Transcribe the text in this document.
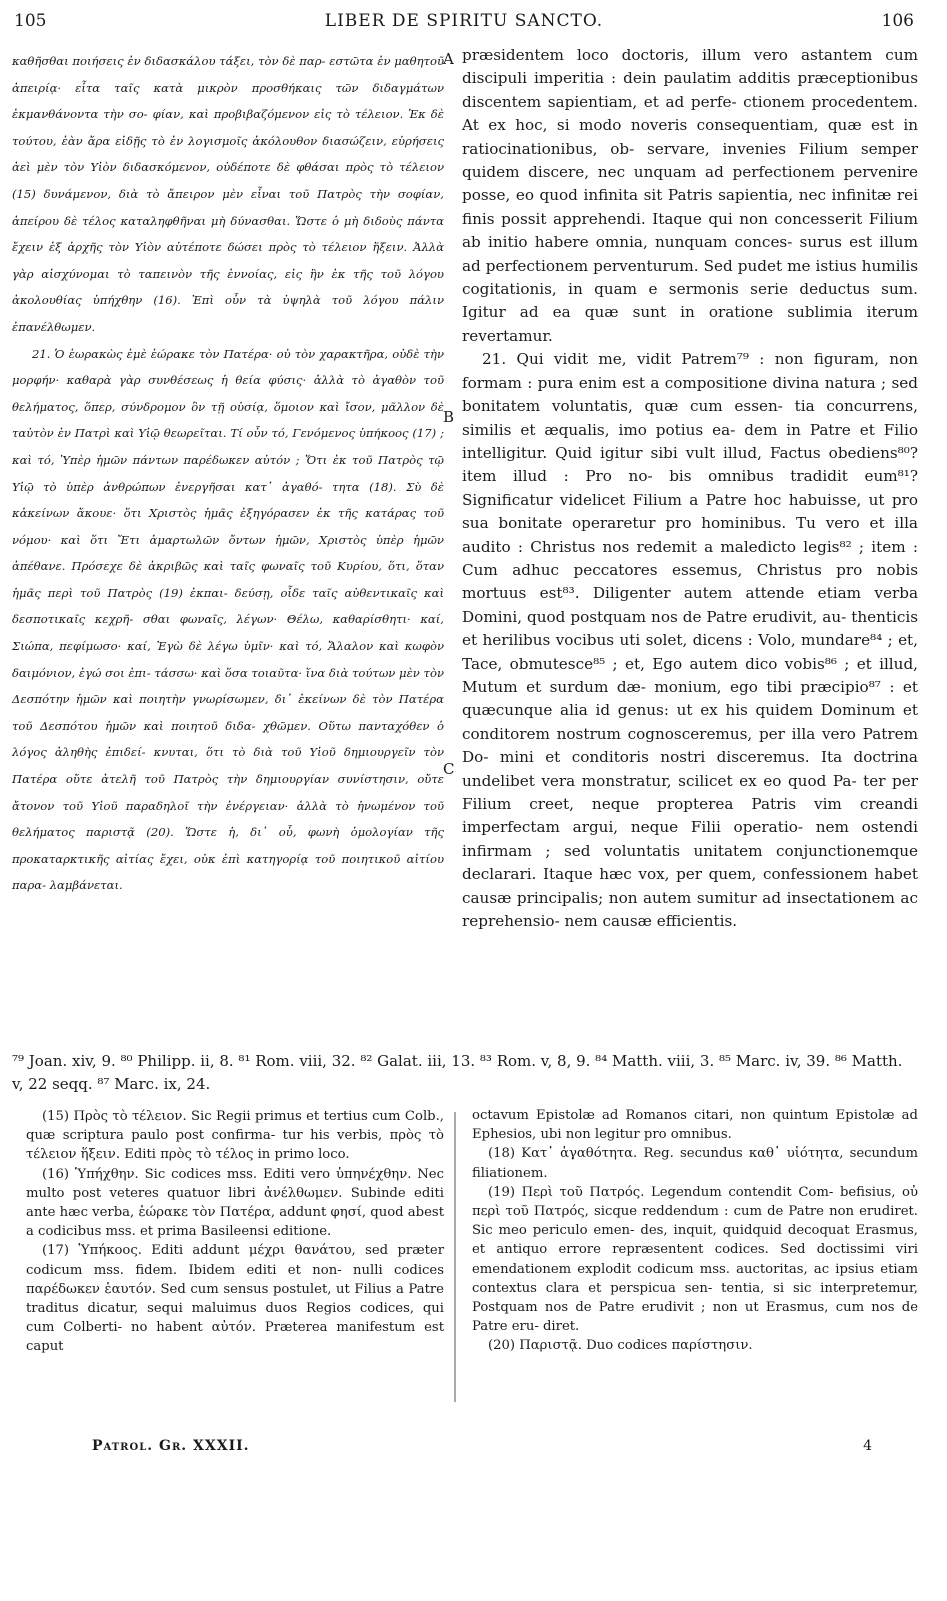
105	LIBER DE SPIRITU SANCTO.	106
A
B
C

καθῆσθαι ποιήσεις ἐν διδασκάλου τάξει, τὸν δὲ παρ- εστῶτα ἐν μαθητοῦ ἀπειρίᾳ· εἶτα ταῖς κατὰ μικρὸν προσθήκαις τῶν διδαγμάτων ἐκμανθάνοντα τὴν σο- φίαν, καὶ προβιβαζόμενον εἰς τὸ τέλειον. Ἐκ δὲ τούτου, ἐὰν ἄρα εἰδῇς τὸ ἐν λογισμοῖς ἀκόλουθον διασώζειν, εὑρήσεις ἀεὶ μὲν τὸν Υἱὸν διδασκόμενον, οὐδέποτε δὲ φθάσαι πρὸς τὸ τέλειον (15) δυνάμενον, διὰ τὸ ἄπειρον μὲν εἶναι τοῦ Πατρὸς τὴν σοφίαν, ἀπείρου δὲ τέλος καταληφθῆναι μὴ δύνασθαι. Ὥστε ὁ μὴ διδοὺς πάντα ἔχειν ἐξ ἀρχῆς τὸν Υἱὸν αὐτέποτε δώσει πρὸς τὸ τέλειον ἥξειν. Ἀλλὰ γὰρ αἰσχύνομαι τὸ ταπεινὸν τῆς ἐννοίας, εἰς ἣν ἐκ τῆς τοῦ λόγου ἀκολουθίας ὑπήχθην (16). Ἐπὶ οὖν τὰ ὑψηλὰ τοῦ λόγου πάλιν ἐπανέλθωμεν.

21. Ὁ ἑωρακὼς ἐμὲ ἑώρακε τὸν Πατέρα· οὐ τὸν χαρακτῆρα, οὐδὲ τὴν μορφήν· καθαρὰ γὰρ συνθέσεως ἡ θεία φύσις· ἀλλὰ τὸ ἀγαθὸν τοῦ θελήματος, ὅπερ, σύνδρομον ὂν τῇ οὐσίᾳ, ὅμοιον καὶ ἴσον, μᾶλλον δὲ ταὐτὸν ἐν Πατρὶ καὶ Υἱῷ θεωρεῖται. Τί οὖν τό, Γενόμενος ὑπήκοος (17) ; καὶ τό, Ὑπὲρ ἡμῶν πάντων παρέδωκεν αὐτόν ; Ὅτι ἐκ τοῦ Πατρὸς τῷ Υἱῷ τὸ ὑπὲρ ἀνθρώπων ἐνεργῆσαι κατ᾽ ἀγαθό- τητα (18). Σὺ δὲ κἀκείνων ἄκουε· ὅτι Χριστὸς ἡμᾶς ἐξηγόρασεν ἐκ τῆς κατάρας τοῦ νόμου· καὶ ὅτι Ἔτι ἁμαρτωλῶν ὄντων ἡμῶν, Χριστὸς ὑπὲρ ἡμῶν ἀπέθανε. Πρόσεχε δὲ ἀκριβῶς καὶ ταῖς φωναῖς τοῦ Κυρίου, ὅτι, ὅταν ἡμᾶς περὶ τοῦ Πατρὸς (19) ἐκπαι- δεύσῃ, οἶδε ταῖς αὐθεντικαῖς καὶ δεσποτικαῖς κεχρῆ- σθαι φωναῖς, λέγων· Θέλω, καθαρίσθητι· καί, Σιώπα, πεφίμωσο· καί, Ἐγὼ δὲ λέγω ὑμῖν· καὶ τό, Ἄλαλον καὶ κωφὸν δαιμόνιον, ἐγώ σοι ἐπι- τάσσω· καὶ ὅσα τοιαῦτα· ἵνα διὰ τούτων μὲν τὸν Δεσπότην ἡμῶν καὶ ποιητὴν γνωρίσωμεν, δι᾽ ἐκείνων δὲ τὸν Πατέρα τοῦ Δεσπότου ἡμῶν καὶ ποιητοῦ διδα- χθῶμεν. Οὕτω πανταχόθεν ὁ λόγος ἀληθὴς ἐπιδεί- κνυται, ὅτι τὸ διὰ τοῦ Υἱοῦ δημιουργεῖν τὸν Πατέρα οὔτε ἀτελῆ τοῦ Πατρὸς τὴν δημιουργίαν συνίστησιν, οὔτε ἄτονον τοῦ Υἱοῦ παραδηλοῖ τὴν ἐνέργειαν· ἀλλὰ τὸ ἡνωμένον τοῦ θελήματος παριστᾷ (20). Ὥστε ἡ, δι᾽ οὗ, φωνὴ ὁμολογίαν τῆς προκαταρκτικῆς αἰτίας ἔχει, οὐκ ἐπὶ κατηγορίᾳ τοῦ ποιητικοῦ αἰτίου παρα- λαμβάνεται.

præsidentem loco doctoris, illum vero astantem cum discipuli imperitia : dein paulatim additis præceptionibus discentem sapientiam, et ad perfe- ctionem procedentem. At ex hoc, si modo noveris consequentiam, quæ est in ratiocinationibus, ob- servare, invenies Filium semper quidem discere, nec unquam ad perfectionem pervenire posse, eo quod infinita sit Patris sapientia, nec infinitæ rei finis possit apprehendi. Itaque qui non concesserit Filium ab initio habere omnia, nunquam conces- surus est illum ad perfectionem perventurum. Sed pudet me istius humilis cogitationis, in quam e sermonis serie deductus sum. Igitur ad ea quæ sunt in oratione sublimia iterum revertamur.

21. Qui vidit me, vidit Patrem⁷⁹ : non figuram, non formam : pura enim est a compositione divina natura ; sed bonitatem voluntatis, quæ cum essen- tia concurrens, similis et æqualis, imo potius ea- dem in Patre et Filio intelligitur. Quid igitur sibi vult illud, Factus obediens⁸⁰? item illud : Pro no- bis omnibus tradidit eum⁸¹? Significatur videlicet Filium a Patre hoc habuisse, ut pro sua bonitate operaretur pro hominibus. Tu vero et illa audito : Christus nos redemit a maledicto legis⁸² ; item : Cum adhuc peccatores essemus, Christus pro nobis mortuus est⁸³. Diligenter autem attende etiam verba Domini, quod postquam nos de Patre erudivit, au- thenticis et herilibus vocibus uti solet, dicens : Volo, mundare⁸⁴ ; et, Tace, obmutesce⁸⁵ ; et, Ego autem dico vobis⁸⁶ ; et illud, Mutum et surdum dæ- monium, ego tibi præcipio⁸⁷ : et quæcunque alia id genus: ut ex his quidem Dominum et conditorem nostrum cognosceremus, per illa vero Patrem Do- mini et conditoris nostri disceremus. Ita doctrina undelibet vera monstratur, scilicet ex eo quod Pa- ter per Filium creet, neque propterea Patris vim creandi imperfectam argui, neque Filii operatio- nem ostendi infirmam ; sed voluntatis unitatem conjunctionemque declarari. Itaque hæc vox, per quem, confessionem habet causæ principalis; non autem sumitur ad insectationem ac reprehensio- nem causæ efficientis.

⁷⁹ Joan. xiv, 9. ⁸⁰ Philipp. ii, 8. ⁸¹ Rom. viii, 32. ⁸² Galat. iii, 13. ⁸³ Rom. v, 8, 9. ⁸⁴ Matth. viii, 3. ⁸⁵ Marc. iv, 39. ⁸⁶ Matth. v, 22 seqq. ⁸⁷ Marc. ix, 24.

(15) Πρὸς τὸ τέλειον. Sic Regii primus et tertius cum Colb., quæ scriptura paulo post confirma- tur his verbis, πρὸς τὸ τέλειον ἥξειν. Editi πρὸς τὸ τέλος in primo loco.

(16) Ὑπήχθην. Sic codices mss. Editi vero ὑπηνέχθην. Nec multo post veteres quatuor libri ἀνέλθωμεν. Subinde editi ante hæc verba, ἑώρακε τὸν Πατέρα, addunt φησί, quod abest a codicibus mss. et prima Basileensi editione.

(17) Ὑπήκοος. Editi addunt μέχρι θανάτου, sed præter codicum mss. fidem. Ibidem editi et non- nulli codices παρέδωκεν ἑαυτόν. Sed cum sensus postulet, ut Filius a Patre traditus dicatur, sequi maluimus duos Regios codices, qui cum Colberti- no habent αὐτόν. Præterea manifestum est caput

octavum Epistolæ ad Romanos citari, non quintum Epistolæ ad Ephesios, ubi non legitur pro omnibus.

(18) Κατ᾽ ἀγαθότητα. Reg. secundus καθ᾽ υἱότητα, secundum filiationem.

(19) Περὶ τοῦ Πατρός. Legendum contendit Com- befisius, οὐ περὶ τοῦ Πατρός, sicque reddendum : cum de Patre non erudiret. Sic meo periculo emen- des, inquit, quidquid decoquat Erasmus, et antiquo errore repræsentent codices. Sed doctissimi viri emendationem explodit codicum mss. auctoritas, ac ipsius etiam contextus clara et perspicua sen- tentia, si sic interpretemur, Postquam nos de Patre erudivit ; non ut Erasmus, cum nos de Patre eru- diret.

(20) Παριστᾷ. Duo codices παρίστησιν.

Patrol. Gr. XXXII.	4
